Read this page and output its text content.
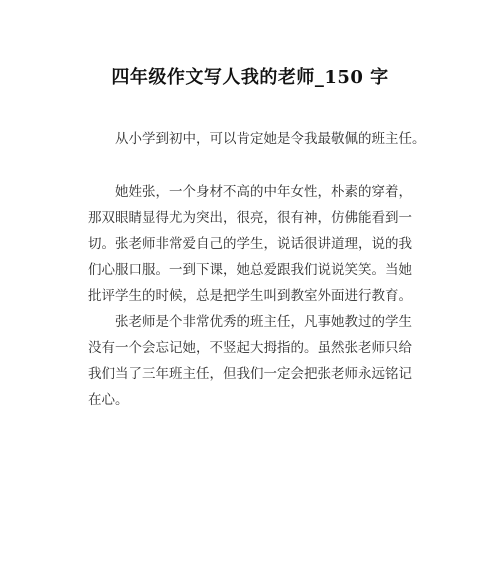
四年级作文写人我的老师_150 字

从小学到初中，可以肯定她是令我最敬佩的班主任。

她姓张，一个身材不高的中年女性，朴素的穿着，
那双眼睛显得尤为突出，很亮，很有神，仿佛能看到一
切。张老师非常爱自己的学生，说话很讲道理，说的我
们心服口服。一到下课，她总爱跟我们说说笑笑。当她
批评学生的时候，总是把学生叫到教室外面进行教育。

张老师是个非常优秀的班主任，凡事她教过的学生
没有一个会忘记她，不竖起大拇指的。虽然张老师只给
我们当了三年班主任，但我们一定会把张老师永远铭记
在心。
